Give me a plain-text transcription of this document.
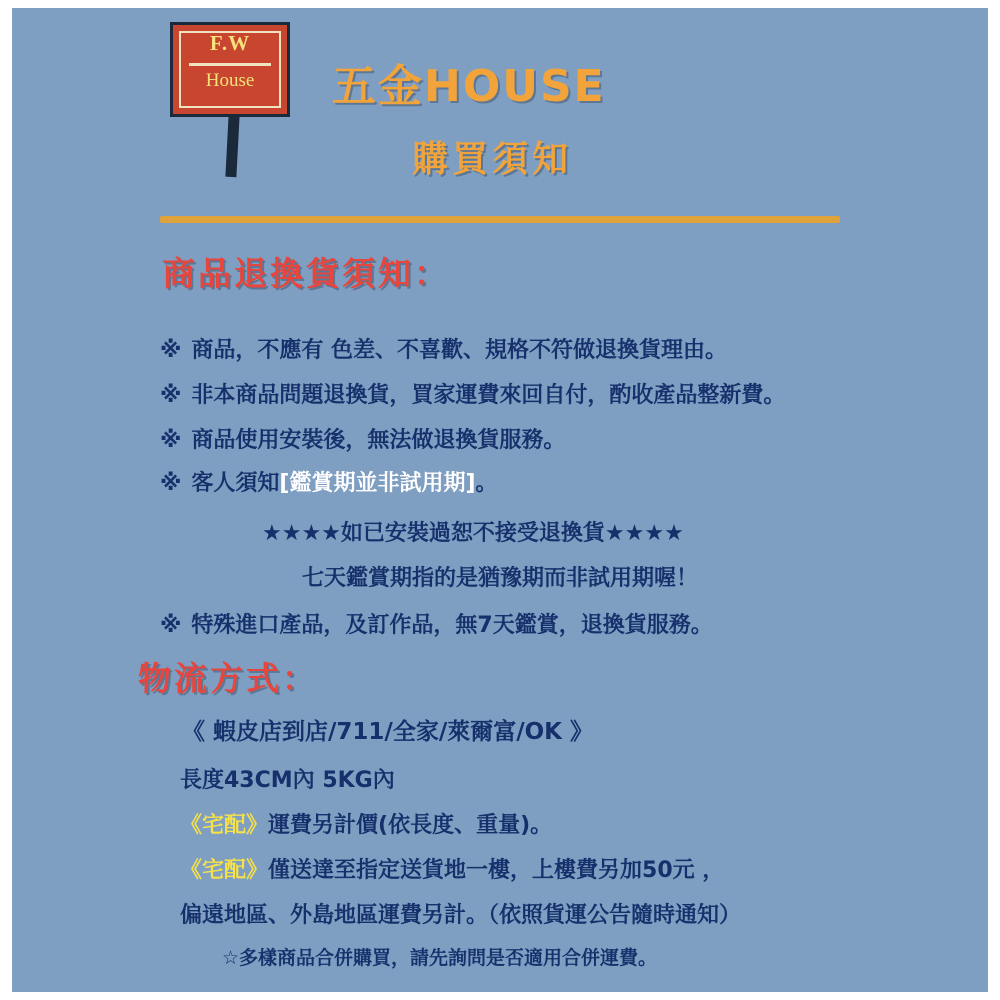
F.W
House	五金HOUSE
購買須知
商品退換貨須知：
※ 商品，不應有 色差、不喜歡、規格不符做退換貨理由。
※ 非本商品問題退換貨，買家運費來回自付，酌收產品整新費。
※ 商品使用安裝後，無法做退換貨服務。
※ 客人須知[鑑賞期並非試用期]。
★★★★如已安裝過恕不接受退換貨★★★★
七天鑑賞期指的是猶豫期而非試用期喔！
※ 特殊進口產品，及訂作品，無7天鑑賞，退換貨服務。
物流方式：
《 蝦皮店到店/711/全家/萊爾富/OK 》
長度43CM內 5KG內
《宅配》運費另計價(依長度、重量)。
《宅配》僅送達至指定送貨地一樓，上樓費另加50元 ，
偏遠地區、外島地區運費另計。（依照貨運公告隨時通知）
☆多樣商品合併購買，請先詢問是否適用合併運費。
